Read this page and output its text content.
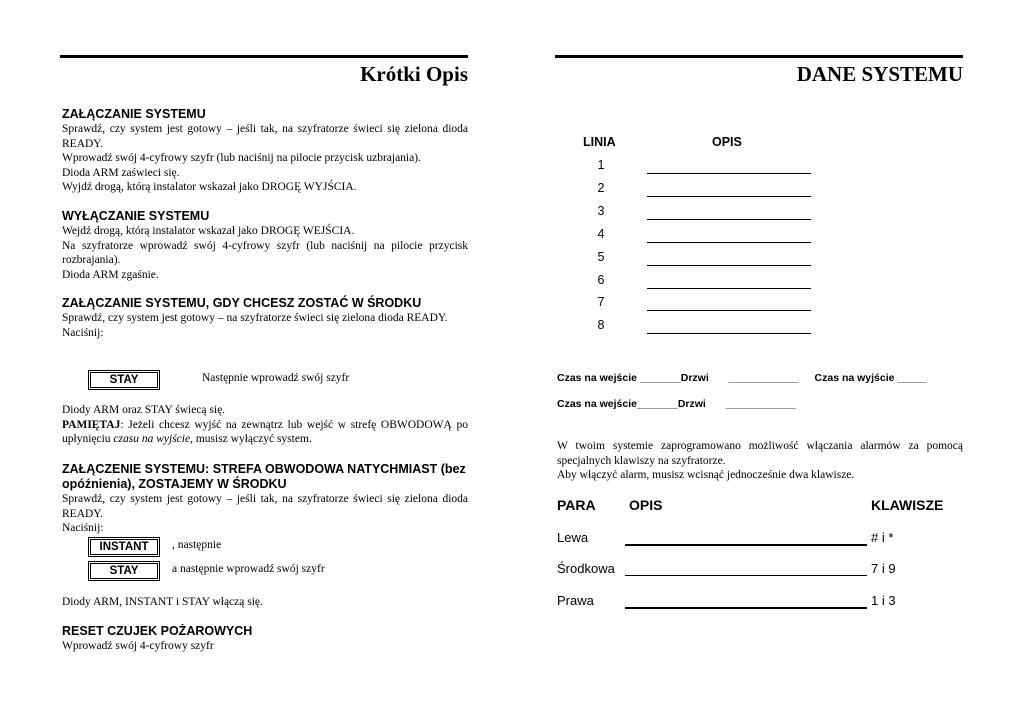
Krótki Opis

ZAŁĄCZANIE SYSTEMU

Sprawdź, czy system jest gotowy – jeśli tak, na szyfratorze świeci się zielona dioda READY.

Wprowadź swój 4-cyfrowy szyfr (lub naciśnij na pilocie przycisk uzbrajania).

Dioda ARM zaświeci się.

Wyjdź drogą, którą instalator wskazał jako DROGĘ WYJŚCIA.

WYŁĄCZANIE SYSTEMU

Wejdź drogą, którą instalator wskazał jako DROGĘ WEJŚCIA.

Na szyfratorze wprowadź swój 4-cyfrowy szyfr (lub naciśnij na pilocie przycisk rozbrajania).

Dioda ARM zgaśnie.

ZAŁĄCZANIE SYSTEMU, GDY CHCESZ ZOSTAĆ W ŚRODKU

Sprawdź, czy system jest gotowy – na szyfratorze świeci się zielona dioda READY.

Naciśnij:

STAY	Następnie wprowadź swój szyfr

Diody ARM oraz STAY świecą się.

PAMIĘTAJ: Jeżeli chcesz wyjść na zewnątrz lub wejść w strefę OBWODOWĄ po upłynięciu czasu na wyjście, musisz wyłączyć system.

ZAŁĄCZENIE SYSTEMU: STREFA OBWODOWA NATYCHMIAST (bez opóźnienia), ZOSTAJEMY W ŚRODKU

Sprawdź, czy system jest gotowy – jeśli tak, na szyfratorze świeci się zielona dioda READY.

Naciśnij:

INSTANT	, następnie
STAY	a następnie wprowadź swój szyfr

Diody ARM, INSTANT i STAY włączą się.

RESET CZUJEK POŻAROWYCH

Wprowadź swój 4-cyfrowy szyfr

DANE SYSTEMU
LINIA	OPIS
1
2
3
4
5
6
7
8
Czas na wejście _______Drzwi ____________ Czas na wyjście _____
Czas na wejście_______Drzwi ____________

W twoim systemie zaprogramowano możliwość włączania alarmów za pomocą specjalnych klawiszy na szyfratorze.

Aby włączyć alarm, musisz wcisnąć jednocześnie dwa klawisze.

PARA OPIS	KLAWISZE
Lewa	# i *
Środkowa	7 i 9
Prawa	1 i 3
